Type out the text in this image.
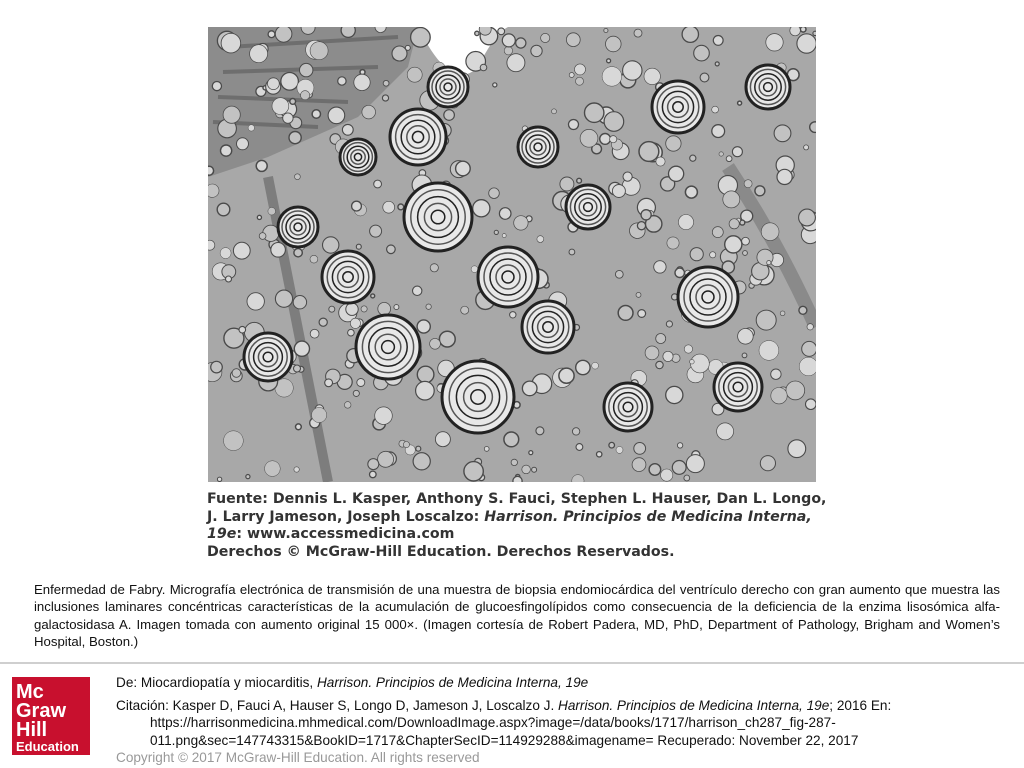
Fuente: Dennis L. Kasper, Anthony S. Fauci, Stephen L. Hauser, Dan L. Longo,
J. Larry Jameson, Joseph Loscalzo: Harrison. Principios de Medicina Interna,
19e: www.accessmedicina.com
Derechos © McGraw-Hill Education. Derechos Reservados.
Enfermedad de Fabry. Micrografía electrónica de transmisión de una muestra de biopsia endomiocárdica del ventrículo derecho con gran aumento que muestra las inclusiones laminares concéntricas características de la acumulación de glucoesfingolípidos como consecuencia de la deficiencia de la enzima lisosómica alfa-galactosidasa A. Imagen tomada con aumento original 15 000×. (Imagen cortesía de Robert Padera, MD, PhD, Department of Pathology, Brigham and Women’s Hospital, Boston.)
Mc
Graw
Hill
Education
De: Miocardiopatía y miocarditis, Harrison. Principios de Medicina Interna, 19e
Citación: Kasper D, Fauci A, Hauser S, Longo D, Jameson J, Loscalzo J. Harrison. Principios de Medicina Interna, 19e; 2016 En:
https://harrisonmedicina.mhmedical.com/DownloadImage.aspx?image=/data/books/1717/harrison_ch287_fig-287-
011.png&sec=147743315&BookID=1717&ChapterSecID=114929288&imagename= Recuperado: November 22, 2017
Copyright © 2017 McGraw-Hill Education. All rights reserved
